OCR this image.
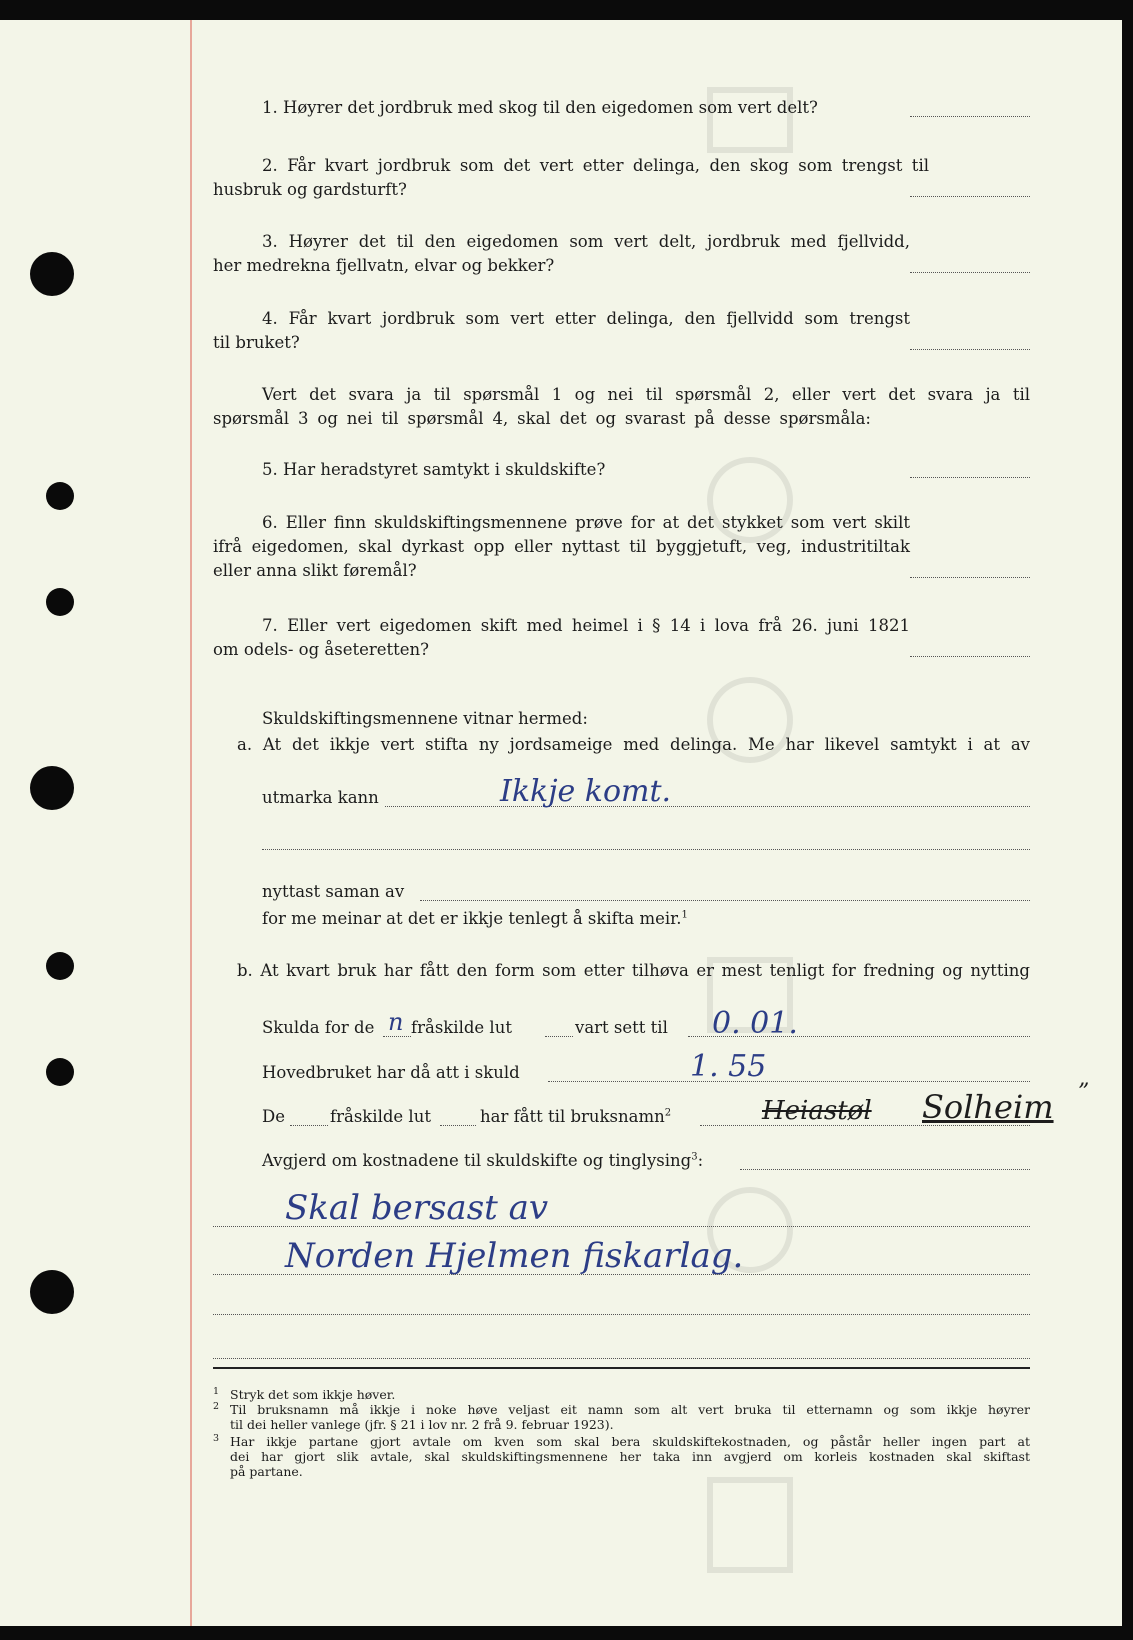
1. Høyrer det jordbruk med skog til den eigedomen som vert delt?
2. Får kvart jordbruk som det vert etter delinga, den skog som trengst til
husbruk og gardsturft?
3. Høyrer det til den eigedomen som vert delt, jordbruk med fjellvidd,
her medrekna fjellvatn, elvar og bekker?
4. Får kvart jordbruk som vert etter delinga, den fjellvidd som trengst
til bruket?
Vert det svara ja til spørsmål 1 og nei til spørsmål 2, eller vert det svara ja til
spørsmål 3 og nei til spørsmål 4, skal det og svarast på desse spørsmåla:
5. Har heradstyret samtykt i skuldskifte?
6. Eller finn skuldskiftingsmennene prøve for at det stykket som vert skilt
ifrå eigedomen, skal dyrkast opp eller nyttast til byggjetuft, veg, industritiltak
eller anna slikt føremål?
7. Eller vert eigedomen skift med heimel i § 14 i lova frå 26. juni 1821
om odels- og åseteretten?
Skuldskiftingsmennene vitnar hermed:
a. At det ikkje vert stifta ny jordsameige med delinga. Me har likevel samtykt i at av
utmarka kann	Ikkje komt.
nyttast saman av
for me meinar at det er ikkje tenlegt å skifta meir.$^1$
b. At kvart bruk har fått den form som etter tilhøva er mest tenligt for fredning og nytting
Skulda for de n fråskilde lut	vart sett til 0. 01.
Hovedbruket har då att i skuld	1. 55
De	fråskilde lut	har fått til bruksnamn$^2$	Heiastøl Solheim ”
Avgjerd om kostnadene til skuldskifte og tinglysing$^3$:
Skal bersast av
Norden Hjelmen fiskarlag.
1 Stryk det som ikkje høver.
2 Til bruksnamn må ikkje i noke høve veljast eit namn som alt vert bruka til etternamn og som ikkje høyrer
til dei heller vanlege (jfr. § 21 i lov nr. 2 frå 9. februar 1923).
3 Har ikkje partane gjort avtale om kven som skal bera skuldskiftekostnaden, og påstår heller ingen part at
dei har gjort slik avtale, skal skuldskiftingsmennene her taka inn avgjerd om korleis kostnaden skal skiftast
på partane.
